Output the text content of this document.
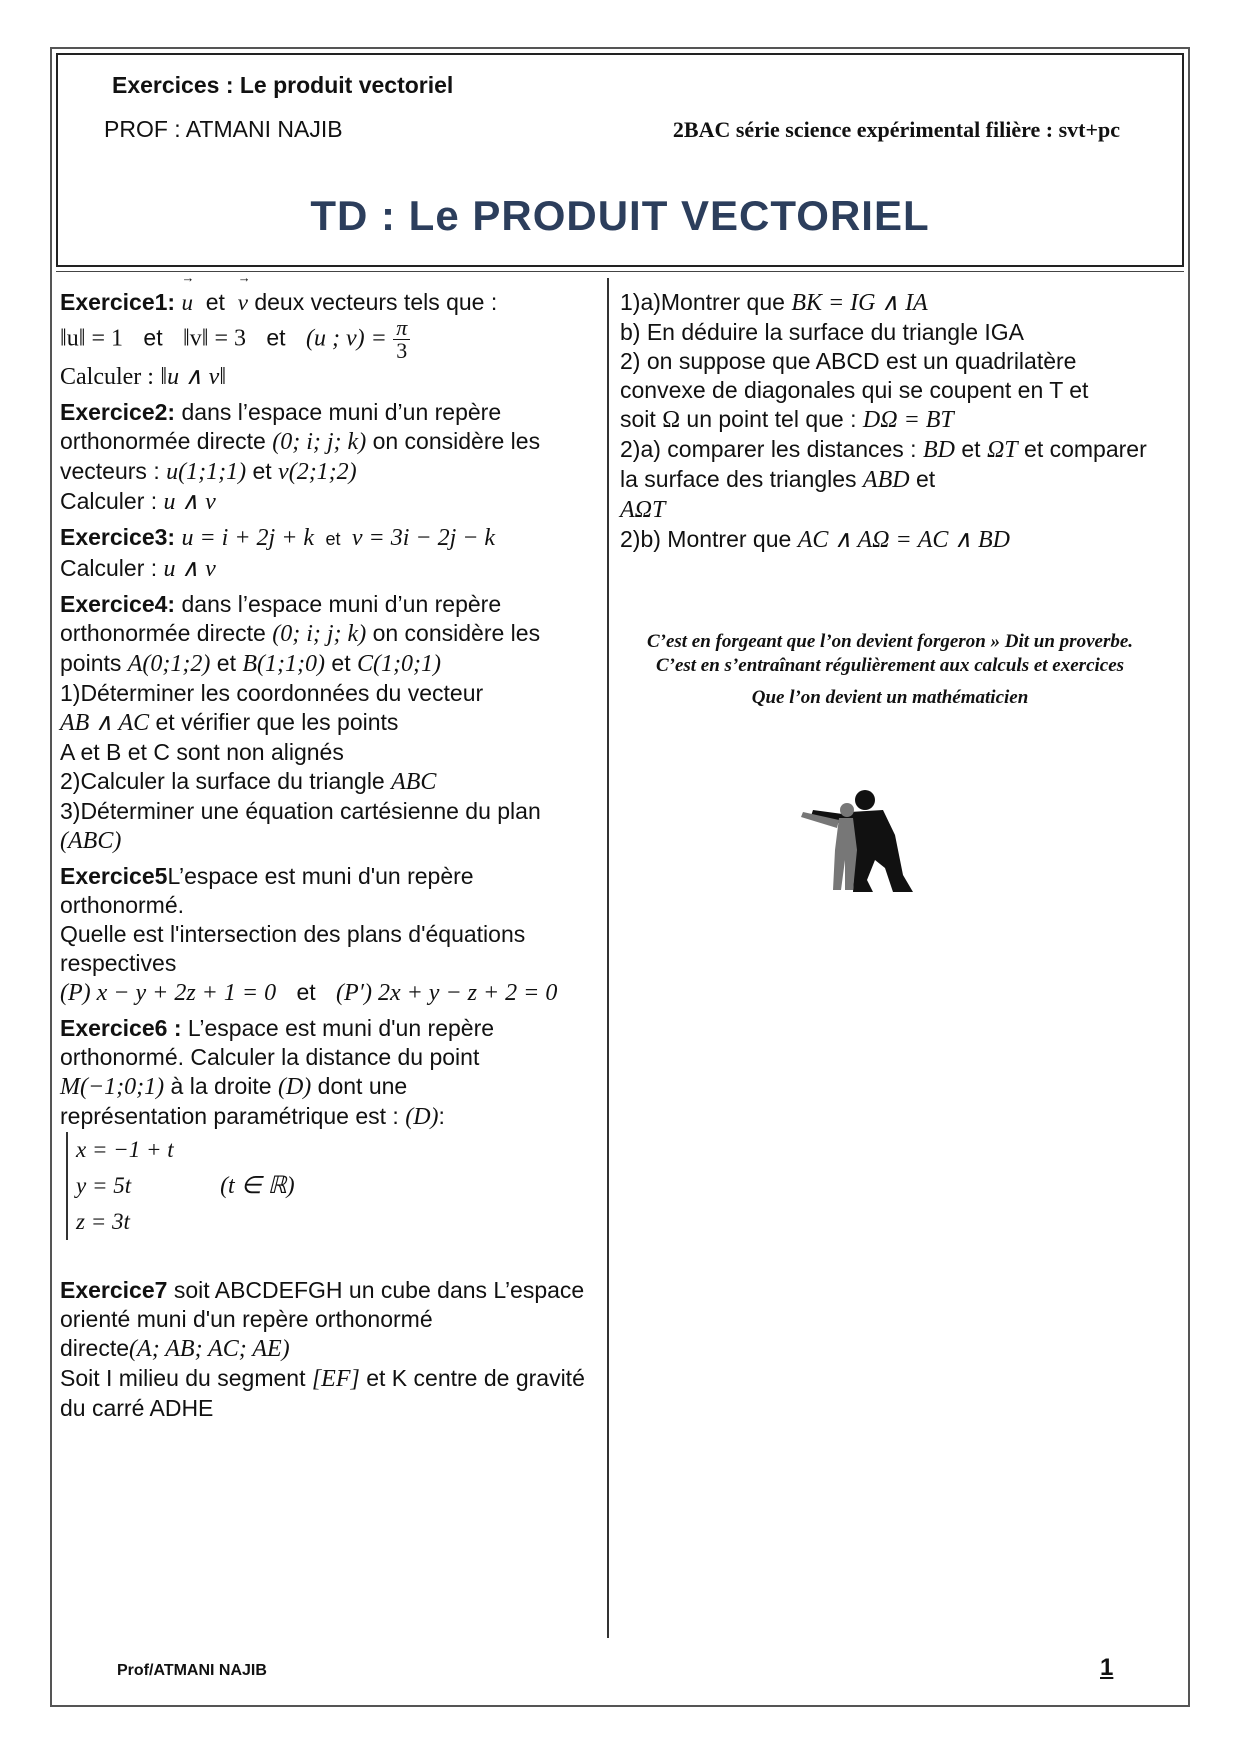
Exercices : Le produit vectoriel
PROF : ATMANI NAJIB	2BAC série science expérimental filière : svt+pc
TD : Le PRODUIT VECTORIEL
Exercice1: → u  et  → v deux vecteurs tels que :
‖u‖ = 1 et ‖v‖ = 3 et (u ; $v) = \frac{\pi}{3}$

Calculer : ‖u ∧ v‖
Exercice2: dans l’espace muni d’un repère orthonormée directe (0; i; j; k) on considère les vecteurs : u(1;1;1) et v(2;1;2)
Calculer : u ∧ v
Exercice3: u = i + 2j + k  et  v = 3i − 2j − k
Calculer : u ∧ v
Exercice4: dans l’espace muni d’un repère orthonormée directe (0; i; j; k) on considère les
points A(0;1;2) et B(1;1;0) et C(1;0;1)
1)Déterminer les coordonnées du vecteur
AB ∧ AC et vérifier que les points
A et B et C sont non alignés
2)Calculer la surface du triangle ABC
3)Déterminer une équation cartésienne du plan
(ABC)
Exercice5L’espace est muni d'un repère orthonormé.
Quelle est l'intersection des plans d'équations respectives
(P) x − y + 2z + 1 = 0 et (P′) 2x + y − z + 2 = 0
Exercice6 : L’espace est muni d'un repère orthonormé. Calculer la distance du point
M(−1;0;1) à la droite (D) dont une
représentation paramétrique est : (D):
x = −1 + t
y = 5t
z = 3t (t ∈ ℝ)
Exercice7 soit ABCDEFGH un cube dans L’espace orienté muni d'un repère orthonormé
directe(A; AB; AC; AE)
Soit I milieu du segment [EF] et K centre de gravité du carré ADHE
1)a)Montrer que BK = IG ∧ IA
b) En déduire la surface du triangle IGA
2) on suppose que ABCD est un quadrilatère convexe de diagonales qui se coupent en T et
soit Ω un point tel que : DΩ = BT
2)a) comparer les distances : BD et ΩT et comparer la surface des triangles ABD et
AΩT
2)b) Montrer que AC ∧ AΩ = AC ∧ BD
C’est en forgeant que l’on devient forgeron » Dit un proverbe.
C’est en s’entraînant régulièrement aux calculs et exercices
Que l’on devient un mathématicien
Prof/ATMANI NAJIB	1
